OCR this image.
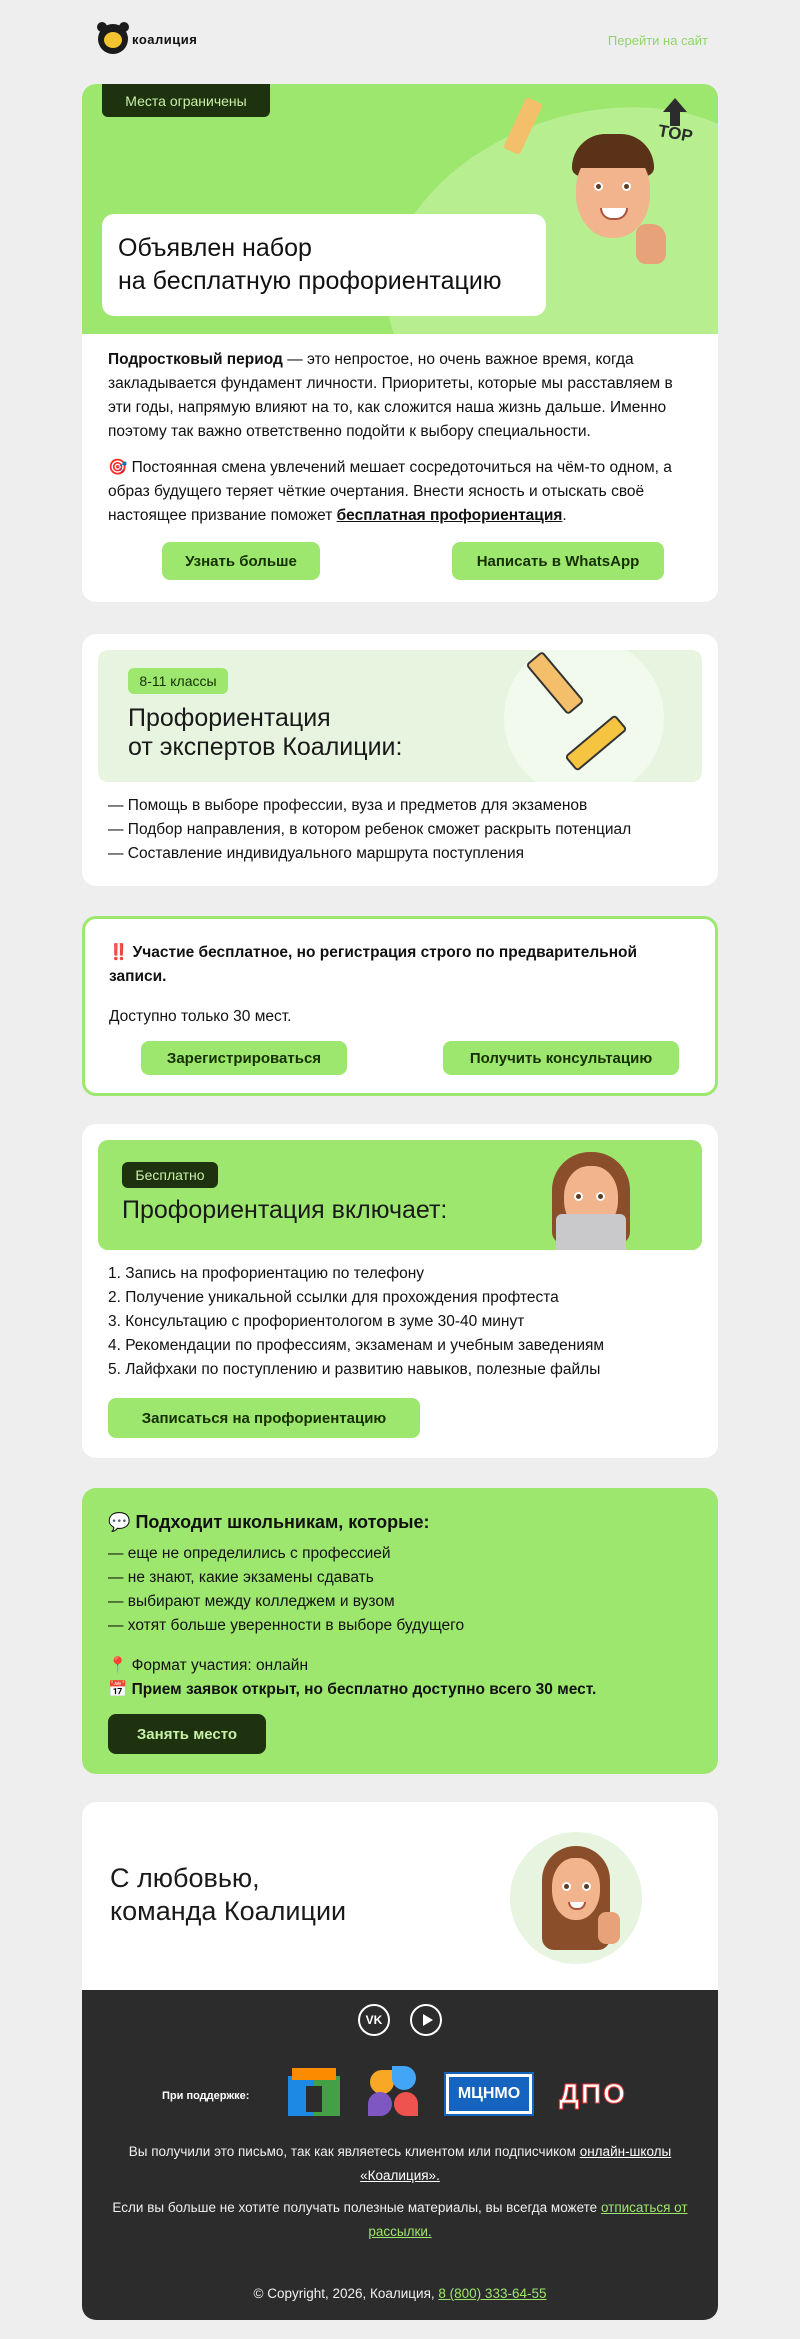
коалиция	Перейти на сайт
Места ограничены
TOP
Объявлен набор
на бесплатную профориентацию
Подростковый период — это непростое, но очень важное время, когда закладывается фундамент личности. Приоритеты, которые мы расставляем в эти годы, напрямую влияют на то, как сложится наша жизнь дальше. Именно поэтому так важно ответственно подойти к выбору специальности.
🎯 Постоянная смена увлечений мешает сосредоточиться на чём-то одном, а образ будущего теряет чёткие очертания. Внести ясность и отыскать своё настоящее призвание поможет бесплатная профориентация.
Узнать больше	Написать в WhatsApp
8-11 классы
Профориентация
от экспертов Коалиции:
— Помощь в выборе профессии, вуза и предметов для экзаменов
— Подбор направления, в котором ребенок сможет раскрыть потенциал
— Составление индивидуального маршрута поступления
‼️ Участие бесплатное, но регистрация строго по предварительной записи.
Доступно только 30 мест.
Зарегистрироваться	Получить консультацию
Бесплатно
Профориентация включает:
1. Запись на профориентацию по телефону
2. Получение уникальной ссылки для прохождения профтеста
3. Консультацию с профориентологом в зуме 30-40 минут
4. Рекомендации по профессиям, экзаменам и учебным заведениям
5. Лайфхаки по поступлению и развитию навыков, полезные файлы
Записаться на профориентацию
💬 Подходит школьникам, которые:
— еще не определились с профессией
— не знают, какие экзамены сдавать
— выбирают между колледжем и вузом
— хотят больше уверенности в выборе будущего
📍 Формат участия: онлайн
📅 Прием заявок открыт, но бесплатно доступно всего 30 мест.
Занять место
С любовью,
команда Коалиции
VK
При поддержке:	МЦНМО	ДПО
Вы получили это письмо, так как являетесь клиентом или подписчиком онлайн-школы «Коалиция».
Если вы больше не хотите получать полезные материалы, вы всегда можете отписаться от рассылки.
© Copyright, 2026, Коалиция, 8 (800) 333-64-55
